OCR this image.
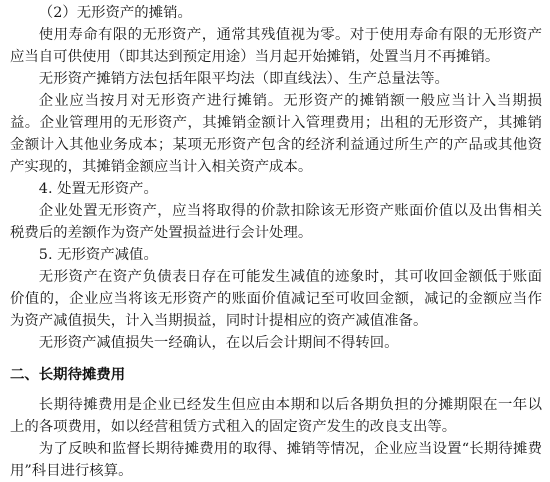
（2）无形资产的摊销。

使用寿命有限的无形资产，通常其残值视为零。对于使用寿命有限的无形资产应当自可供使用（即其达到预定用途）当月起开始摊销，处置当月不再摊销。

无形资产摊销方法包括年限平均法（即直线法）、生产总量法等。

企业应当按月对无形资产进行摊销。无形资产的摊销额一般应当计入当期损益。企业管理用的无形资产，其摊销金额计入管理费用；出租的无形资产，其摊销金额计入其他业务成本；某项无形资产包含的经济利益通过所生产的产品或其他资产实现的，其摊销金额应当计入相关资产成本。

4. 处置无形资产。

企业处置无形资产，应当将取得的价款扣除该无形资产账面价值以及出售相关税费后的差额作为资产处置损益进行会计处理。

5. 无形资产减值。

无形资产在资产负债表日存在可能发生减值的迹象时，其可收回金额低于账面价值的，企业应当将该无形资产的账面价值减记至可收回金额，减记的金额应当作为资产减值损失，计入当期损益，同时计提相应的资产减值准备。

无形资产减值损失一经确认，在以后会计期间不得转回。

二、长期待摊费用

长期待摊费用是企业已经发生但应由本期和以后各期负担的分摊期限在一年以上的各项费用，如以经营租赁方式租入的固定资产发生的改良支出等。

为了反映和监督长期待摊费用的取得、摊销等情况，企业应当设置“长期待摊费用”科目进行核算。
